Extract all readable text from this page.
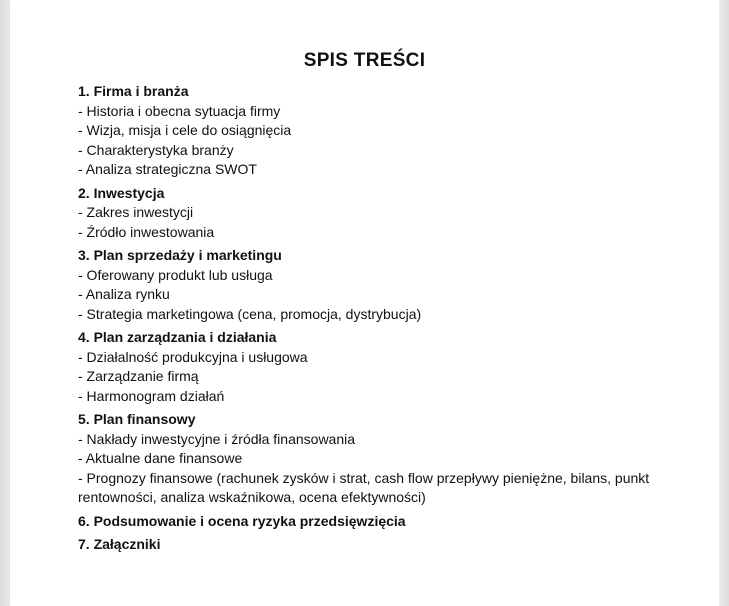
SPIS TREŚCI
1. Firma i branża
- Historia i obecna sytuacja firmy
- Wizja, misja i cele do osiągnięcia
- Charakterystyka branży
- Analiza strategiczna SWOT
2. Inwestycja
- Zakres inwestycji
- Źródło inwestowania
3. Plan sprzedaży i marketingu
- Oferowany produkt lub usługa
- Analiza rynku
- Strategia marketingowa (cena, promocja, dystrybucja)
4. Plan zarządzania i działania
- Działalność produkcyjna i usługowa
- Zarządzanie firmą
- Harmonogram działań
5. Plan finansowy
- Nakłady inwestycyjne i źródła finansowania
- Aktualne dane finansowe
- Prognozy finansowe (rachunek zysków i strat, cash flow przepływy pieniężne, bilans, punkt rentowności, analiza wskaźnikowa, ocena efektywności)
6. Podsumowanie i ocena ryzyka przedsięwzięcia
7. Załączniki
